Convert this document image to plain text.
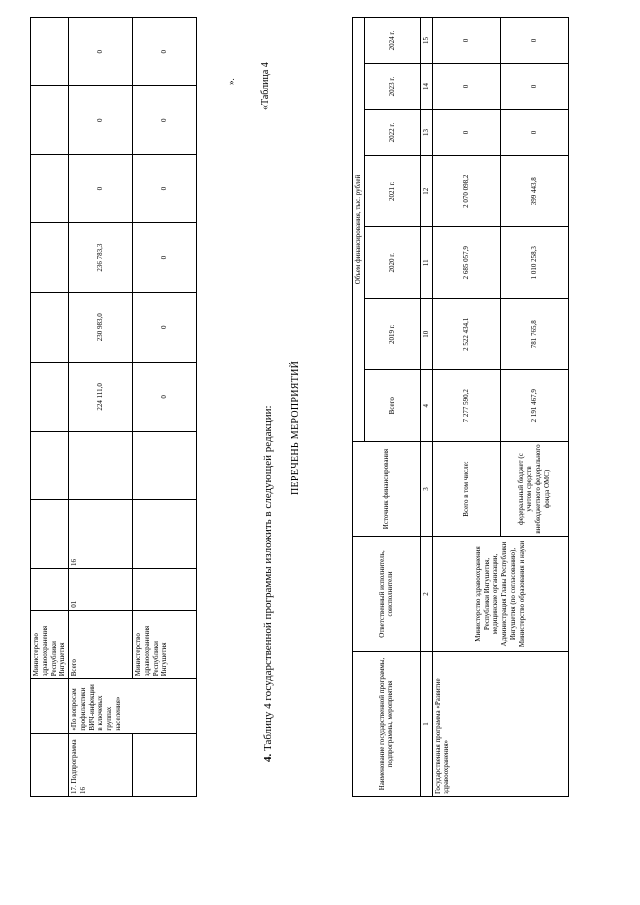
		Министерство здравоохранения Республики Ингушетия									
17. Подпрограмма 16	«По вопросам профилактики ВИЧ-инфекции в ключевых группах населения»	Всего	01	16		224 111,0	230 983,0	236 783,3	0	0	0
		Министерство здравоохранения Республики Ингушетия				0	0	0	0	0	0
». «Таблица 4
4. Таблицу 4 государственной программы изложить в следующей редакции: ПЕРЕЧЕНЬ МЕРОПРИЯТИЙ
Наименование государственной программы, подпрограммы, мероприятия	Ответственный исполнитель, соисполнители	Источник финансирования	Объем финансирования, тыс. рублей						
			Всего	2019 г.	2020 г.	2021 г.	2022 г.	2023 г.	2024 г.
1	2	3	4	10	11	12	13	14	15
Государственная программа «Развитие здравоохранения»	Министерство здравоохранения Республики Ингушетия, медицинские организации, Администрация Главы Республики Ингушетия (по согласованию), Министерство образования и науки	Всего в том числе:	7 277 590,2	2 522 434,1	2 685 057,9	2 070 098,2	0	0	0
		федеральный бюджет (с учетом средств внебюджетного федерального фонда ОМС)	2 191 467,9	781 765,8	1 010 258,3	399 443,8	0	0	0
